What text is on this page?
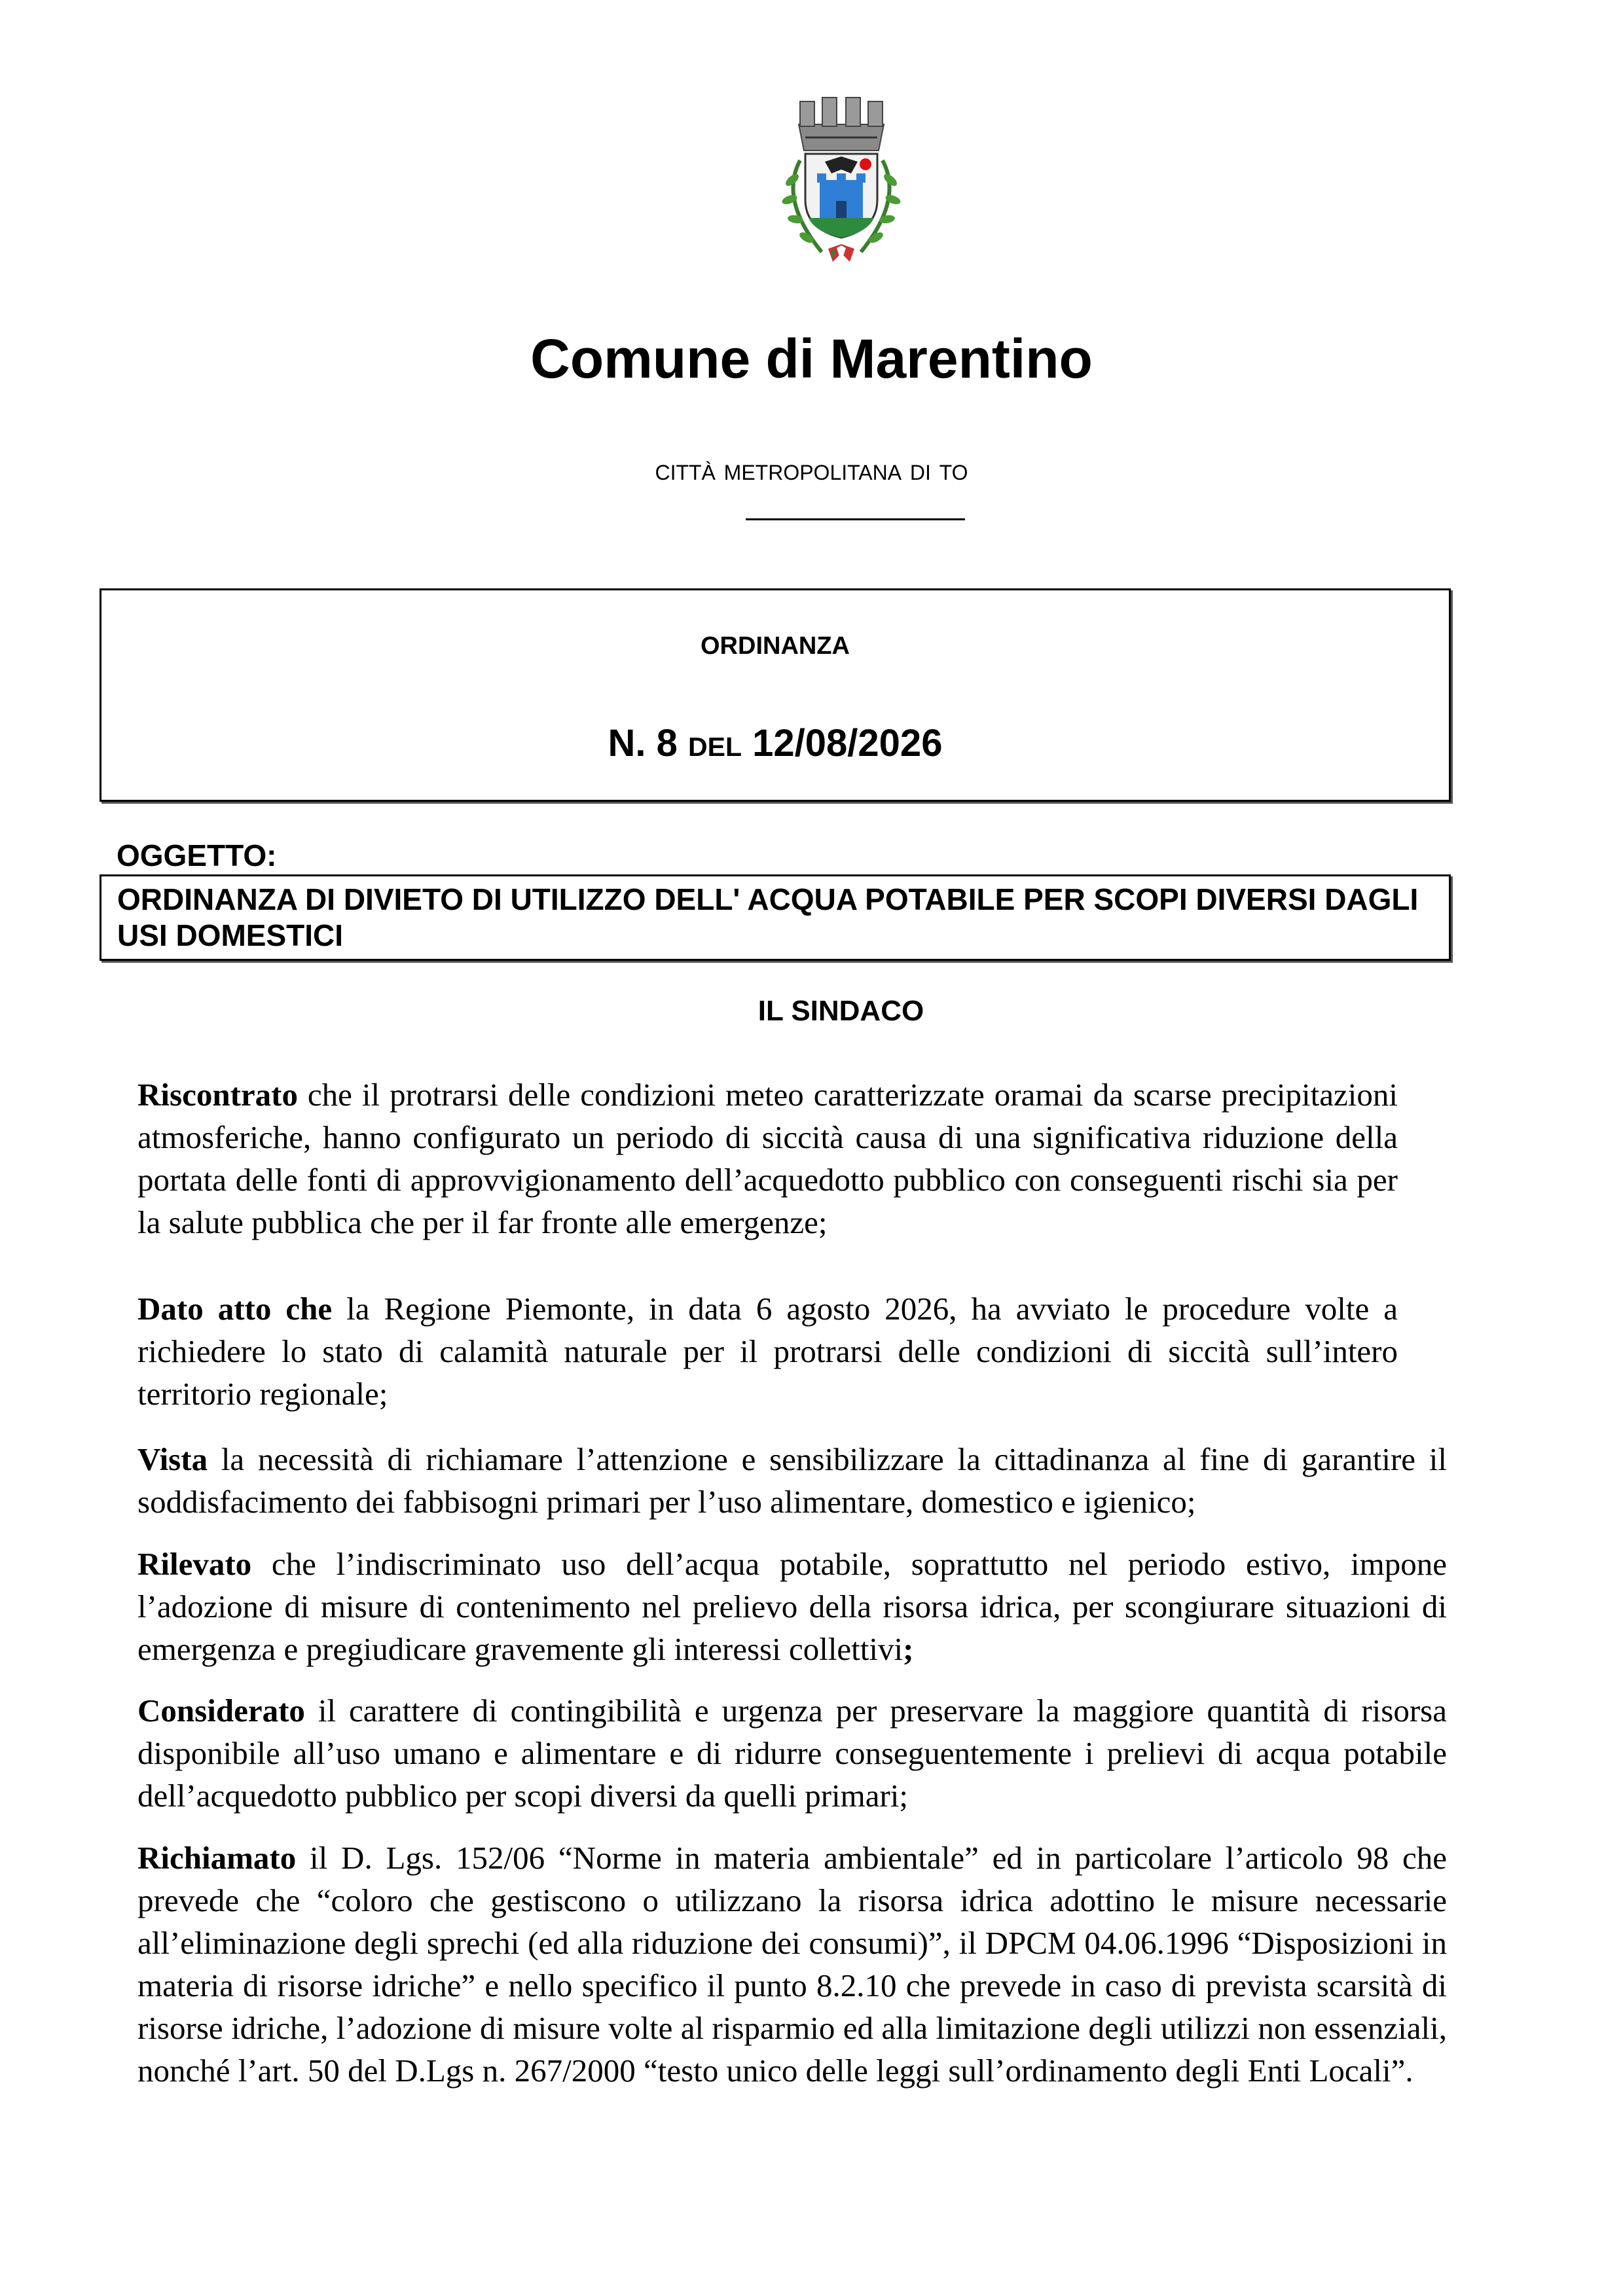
Comune di Marentino
città metropolitana di to
ordinanza
N. 8 del 12/08/2026
OGGETTO:
ORDINANZA DI DIVIETO DI UTILIZZO DELL' ACQUA POTABILE PER SCOPI DIVERSI DAGLI USI DOMESTICI
IL SINDACO

Riscontrato che il protrarsi delle condizioni meteo caratterizzate oramai da scarse precipitazioni atmosferiche, hanno configurato un periodo di siccità causa di una significativa riduzione della portata delle fonti di approvvigionamento dell’acquedotto pubblico con conseguenti rischi sia per la salute pubblica che per il far fronte alle emergenze;

Dato atto che la Regione Piemonte, in data 6 agosto 2026, ha avviato le procedure volte a richiedere lo stato di calamità naturale per il protrarsi delle condizioni di siccità sull’intero territorio regionale;

Vista la necessità di richiamare l’attenzione e sensibilizzare la cittadinanza al fine di garantire il soddisfacimento dei fabbisogni primari per l’uso alimentare, domestico e igienico;

Rilevato che l’indiscriminato uso dell’acqua potabile, soprattutto nel periodo estivo, impone l’adozione di misure di contenimento nel prelievo della risorsa idrica, per scongiurare situazioni di emergenza e pregiudicare gravemente gli interessi collettivi;

Considerato il carattere di contingibilità e urgenza per preservare la maggiore quantità di risorsa disponibile all’uso umano e alimentare e di ridurre conseguentemente i prelievi di acqua potabile dell’acquedotto pubblico per scopi diversi da quelli primari;

Richiamato il D. Lgs. 152/06 “Norme in materia ambientale” ed in particolare l’articolo 98 che prevede che “coloro che gestiscono o utilizzano la risorsa idrica adottino le misure necessarie all’eliminazione degli sprechi (ed alla riduzione dei consumi)”, il DPCM 04.06.1996 “Disposizioni in materia di risorse idriche” e nello specifico il punto 8.2.10 che prevede in caso di prevista scarsità di risorse idriche, l’adozione di misure volte al risparmio ed alla limitazione degli utilizzi non essenziali, nonché l’art. 50 del D.Lgs n. 267/2000 “testo unico delle leggi sull’ordinamento degli Enti Locali”.
